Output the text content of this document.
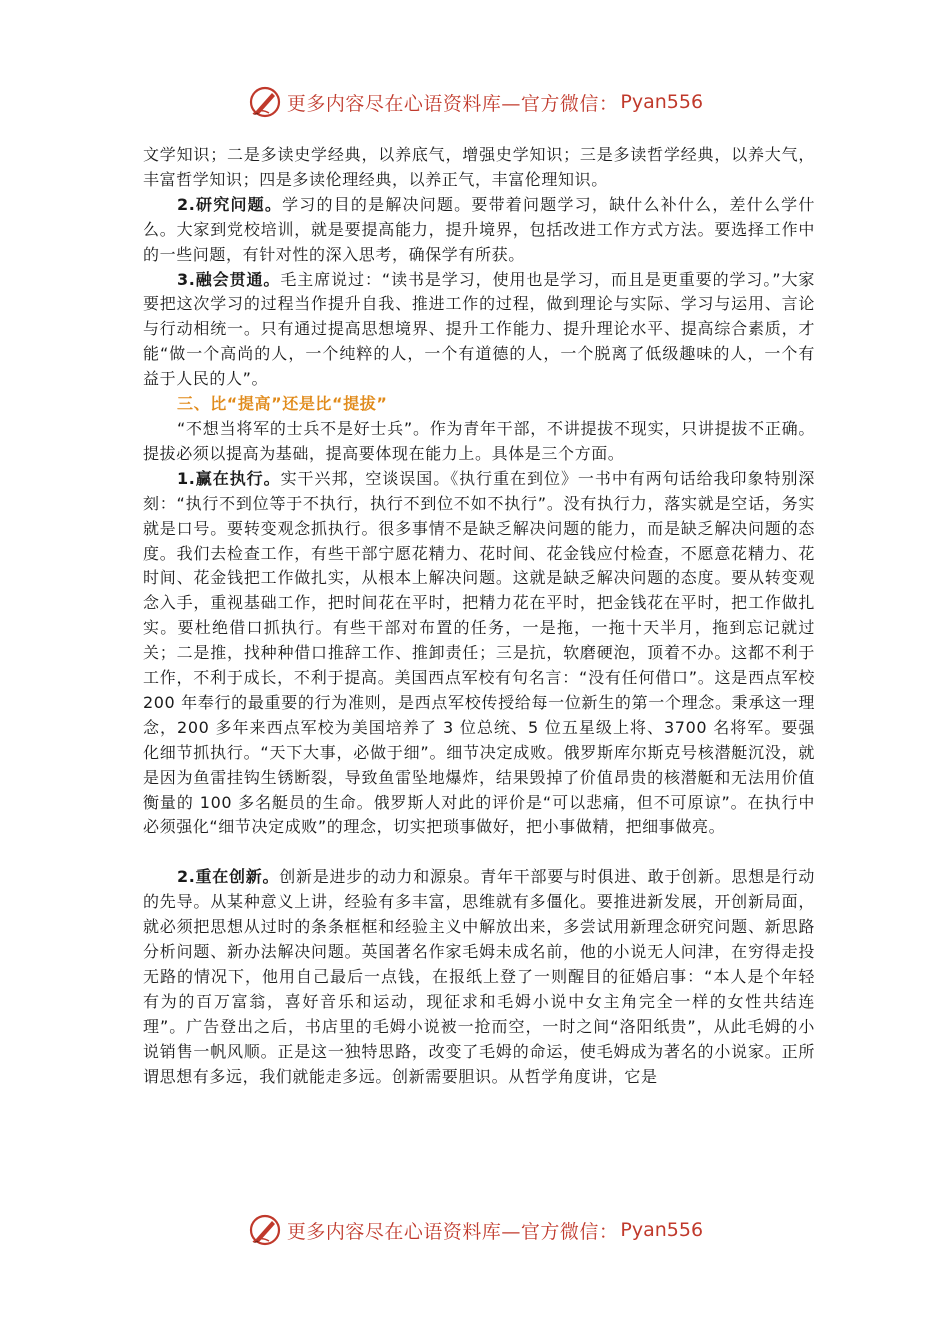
更多内容尽在心语资料库—官方微信： Pyan556

文学知识；二是多读史学经典，以养底气，增强史学知识；三是多读哲学经典，以养大气，丰富哲学知识；四是多读伦理经典，以养正气，丰富伦理知识。

2.研究问题。学习的目的是解决问题。要带着问题学习，缺什么补什么，差什么学什么。大家到党校培训，就是要提高能力，提升境界，包括改进工作方式方法。要选择工作中的一些问题，有针对性的深入思考，确保学有所获。

3.融会贯通。毛主席说过：“读书是学习，使用也是学习，而且是更重要的学习。”大家要把这次学习的过程当作提升自我、推进工作的过程，做到理论与实际、学习与运用、言论与行动相统一。只有通过提高思想境界、提升工作能力、提升理论水平、提高综合素质，才能“做一个高尚的人，一个纯粹的人，一个有道德的人，一个脱离了低级趣味的人，一个有益于人民的人”。

三、比“提高”还是比“提拔”

“不想当将军的士兵不是好士兵”。作为青年干部，不讲提拔不现实，只讲提拔不正确。提拔必须以提高为基础，提高要体现在能力上。具体是三个方面。

1.赢在执行。实干兴邦，空谈误国。《执行重在到位》一书中有两句话给我印象特别深刻：“执行不到位等于不执行，执行不到位不如不执行”。没有执行力，落实就是空话，务实就是口号。要转变观念抓执行。很多事情不是缺乏解决问题的能力，而是缺乏解决问题的态度。我们去检查工作，有些干部宁愿花精力、花时间、花金钱应付检查，不愿意花精力、花时间、花金钱把工作做扎实，从根本上解决问题。这就是缺乏解决问题的态度。要从转变观念入手，重视基础工作，把时间花在平时，把精力花在平时，把金钱花在平时，把工作做扎实。要杜绝借口抓执行。有些干部对布置的任务，一是拖，一拖十天半月，拖到忘记就过关；二是推，找种种借口推辞工作、推卸责任；三是抗，软磨硬泡，顶着不办。这都不利于工作，不利于成长，不利于提高。美国西点军校有句名言：“没有任何借口”。这是西点军校 200 年奉行的最重要的行为准则，是西点军校传授给每一位新生的第一个理念。秉承这一理念，200 多年来西点军校为美国培养了 3 位总统、5 位五星级上将、3700 名将军。要强化细节抓执行。“天下大事，必做于细”。细节决定成败。俄罗斯库尔斯克号核潜艇沉没，就是因为鱼雷挂钩生锈断裂，导致鱼雷坠地爆炸，结果毁掉了价值昂贵的核潜艇和无法用价值衡量的 100 多名艇员的生命。俄罗斯人对此的评价是“可以悲痛，但不可原谅”。在执行中必须强化“细节决定成败”的理念，切实把琐事做好，把小事做精，把细事做亮。

2.重在创新。创新是进步的动力和源泉。青年干部要与时俱进、敢于创新。思想是行动的先导。从某种意义上讲，经验有多丰富，思维就有多僵化。要推进新发展，开创新局面，就必须把思想从过时的条条框框和经验主义中解放出来，多尝试用新理念研究问题、新思路分析问题、新办法解决问题。英国著名作家毛姆未成名前，他的小说无人问津，在穷得走投无路的情况下，他用自己最后一点钱，在报纸上登了一则醒目的征婚启事：“本人是个年轻有为的百万富翁，喜好音乐和运动，现征求和毛姆小说中女主角完全一样的女性共结连理”。广告登出之后，书店里的毛姆小说被一抢而空，一时之间“洛阳纸贵”，从此毛姆的小说销售一帆风顺。正是这一独特思路，改变了毛姆的命运，使毛姆成为著名的小说家。正所谓思想有多远，我们就能走多远。创新需要胆识。从哲学角度讲，它是

更多内容尽在心语资料库—官方微信： Pyan556
